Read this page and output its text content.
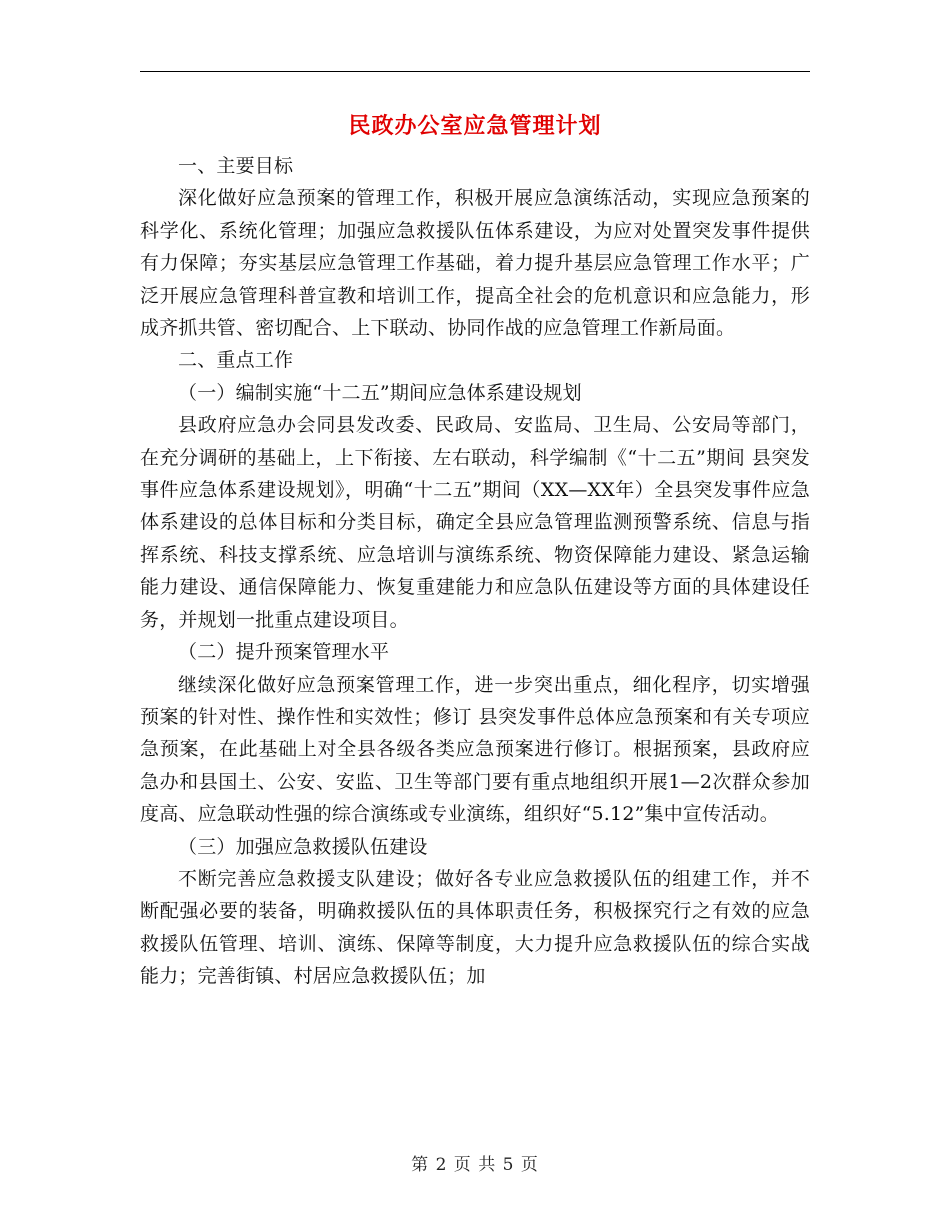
民政办公室应急管理计划

一、主要目标

深化做好应急预案的管理工作，积极开展应急演练活动，实现应急预案的科学化、系统化管理；加强应急救援队伍体系建设，为应对处置突发事件提供有力保障；夯实基层应急管理工作基础，着力提升基层应急管理工作水平；广泛开展应急管理科普宣教和培训工作，提高全社会的危机意识和应急能力，形成齐抓共管、密切配合、上下联动、协同作战的应急管理工作新局面。

二、重点工作

（一）编制实施“十二五”期间应急体系建设规划

县政府应急办会同县发改委、民政局、安监局、卫生局、公安局等部门，在充分调研的基础上，上下衔接、左右联动，科学编制《“十二五”期间 县突发事件应急体系建设规划》，明确“十二五”期间（XX—XX年）全县突发事件应急体系建设的总体目标和分类目标，确定全县应急管理监测预警系统、信息与指挥系统、科技支撑系统、应急培训与演练系统、物资保障能力建设、紧急运输能力建设、通信保障能力、恢复重建能力和应急队伍建设等方面的具体建设任务，并规划一批重点建设项目。

（二）提升预案管理水平

继续深化做好应急预案管理工作，进一步突出重点，细化程序，切实增强预案的针对性、操作性和实效性；修订 县突发事件总体应急预案和有关专项应急预案，在此基础上对全县各级各类应急预案进行修订。根据预案，县政府应急办和县国土、公安、安监、卫生等部门要有重点地组织开展1—2次群众参加度高、应急联动性强的综合演练或专业演练，组织好“5.12”集中宣传活动。

（三）加强应急救援队伍建设

不断完善应急救援支队建设；做好各专业应急救援队伍的组建工作，并不断配强必要的装备，明确救援队伍的具体职责任务，积极探究行之有效的应急救援队伍管理、培训、演练、保障等制度，大力提升应急救援队伍的综合实战能力；完善街镇、村居应急救援队伍；加

第 2 页 共 5 页
